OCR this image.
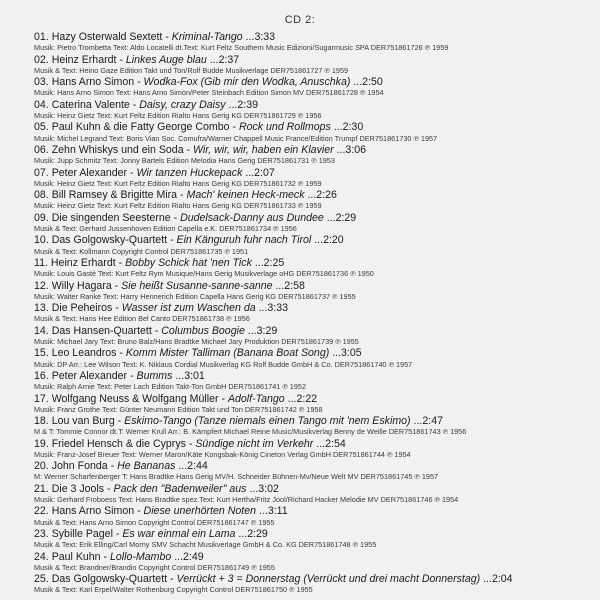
CD 2:
01. Hazy Osterwald Sextett - Kriminal-Tango ...3:33
Musik: Pietro Trombetta Text: Aldo Locatelli dt.Text: Kurt Feltz Southern Music Edizioni/Sugarmusic SPA DER751861726 ℗ 1959
02. Heinz Erhardt - Linkes Auge blau ...2:37
Musik & Text: Heino Gaze Edition Takt und Ton/Rolf Budde Musikverlage DER751861727 ℗ 1959
03. Hans Arno Simon - Wodka-Fox (Gib mir den Wodka, Anuschka) ...2:50
Musik: Hans Arno Simon Text: Hans Arno Simon/Peter Steinbach Edition Simon MV DER751861728 ℗ 1954
04. Caterina Valente - Daisy, crazy Daisy ...2:39
Musik: Heinz Gietz Text: Kurt Feltz Edition Rialto Hans Gerig KG DER751861729 ℗ 1956
05. Paul Kuhn & die Fatty George Combo - Rock und Rollmops ...2:30
Musik: Michel Legrand Text: Boris Vian Soc. Comufra/Warner Chappell Music France/Edition Trumpf DER751861730 ℗ 1957
06. Zehn Whiskys und ein Soda - Wir, wir, wir, haben ein Klavier ...3:06
Musik: Jupp Schmitz Text: Jonny Bartels Edition Melodia Hans Gerig DER751861731 ℗ 1953
07. Peter Alexander - Wir tanzen Huckepack ...2:07
Musik: Heinz Gietz Text: Kurt Feltz Edition Rialto Hans Gerig KG DER751861732 ℗ 1959
08. Bill Ramsey & Brigitte Mira - Mach' keinen Heck-meck ...2:26
Musik: Heinz Gietz Text: Kurt Feltz Edition Rialto Hans Gerig KG DER751861733 ℗ 1959
09. Die singenden Seesterne - Dudelsack-Danny aus Dundee ...2:29
Musik & Text: Gerhard Jussenhoven Edition Capella e.K. DER751861734 ℗ 1956
10. Das Golgowsky-Quartett - Ein Känguruh fuhr nach Tirol ...2:20
Musik & Text: Kollmann Copyright Control DER751861735 ℗ 1951
11. Heinz Erhardt - Bobby Schick hat 'nen Tick ...2:25
Musik: Louis Gasté Text: Kurt Feltz Rym Musique/Hans Gerig Musikverlage oHG DER751861736 ℗ 1950
12. Willy Hagara - Sie heißt Susanne-sanne-sanne ...2:58
Musik: Walter Ranke Text: Harry Hennerich Edition Capella Hans Gerig KG DER751861737 ℗ 1955
13. Die Peheiros - Wasser ist zum Waschen da ...3:33
Musik & Text: Hans Hee Edition Bel Canto DER751861738 ℗ 1956
14. Das Hansen-Quartett - Columbus Boogie ...3:29
Musik: Michael Jary Text: Bruno Balz/Hans Bradtke Michael Jary Produktion DER751861739 ℗ 1955
15. Leo Leandros - Komm Mister Talliman (Banana Boat Song) ...3:05
Musik: DP Arr.: Lee Wilson Text: K. Niklaus Cordial Musikverlag KG Rolf Budde GmbH & Co. DER751861740 ℗ 1957
16. Peter Alexander - Bumms ...3:01
Musik: Ralph Arnie Text: Peter Lach Edition Takt-Ton GmbH DER751861741 ℗ 1952
17. Wolfgang Neuss & Wolfgang Müller - Adolf-Tango ...2:22
Musik: Franz Grothe Text: Günter Neumann Edition Takt und Ton DER751861742 ℗ 1958
18. Lou van Burg - Eskimo-Tango (Tanze niemals einen Tango mit 'nem Eskimo) ...2:47
M & T: Tommie Connor dt.T: Werner Krull Arr.: B. Kämpfert Michael Reine Music/Musikverlag Benny de Weille DER751861743 ℗ 1956
19. Friedel Hensch & die Cyprys - Sündige nicht im Verkehr ...2:54
Musik: Franz-Josef Breuer Text: Werner Maron/Käte Kongsbak-König Cineton Verlag GmbH DER751861744 ℗ 1954
20. John Fonda - He Bananas ...2:44
M: Werner Scharfenberger T: Hans Bradtke Hans Gerig MV/H. Schneider Bühnen-Mv/Neue Welt MV DER751861745 ℗ 1957
21. Die 3 Jools - Pack den "Badenweiler" aus ...3:02
Musik: Gerhard Froboess Text: Hans Bradtke spez.Text: Kurt Hertha/Fritz Jool/Richard Hacker Melodie MV DER751861746 ℗ 1954
22. Hans Arno Simon - Diese unerhörten Noten ...3:11
Musik & Text: Hans Arno Simon Copyright Control DER751861747 ℗ 1955
23. Sybille Pagel - Es war einmal ein Lama ...2:29
Musik & Text: Erik Elling/Carl Morny SMV Schacht Musikverlage GmbH & Co. KG DER751861748 ℗ 1955
24. Paul Kuhn - Lollo-Mambo ...2:49
Musik & Text: Brandner/Brandin Copyright Control DER751861749 ℗ 1955
25. Das Golgowsky-Quartett - Verrückt + 3 = Donnerstag (Verrückt und drei macht Donnerstag) ...2:04
Musik & Text: Karl Erpel/Walter Rothenburg Copyright Control DER751861750 ℗ 1955
